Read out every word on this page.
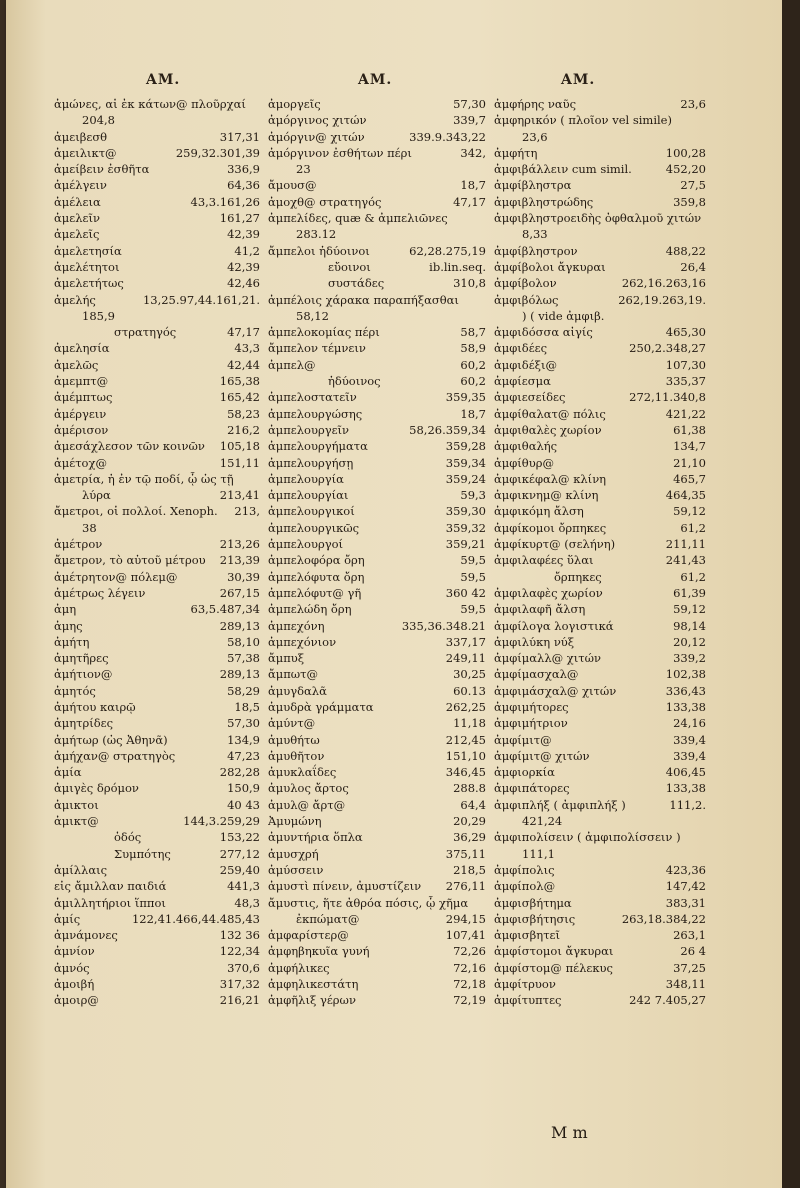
AM.	AM.	AM.
ἀμώνες, αἱ ἐκ κάτων@ πλοῦρχαί
204,8
ἀμειβεσθ	317,31
ἀμειλικτ@	259,32.301,39
ἀμείβειν ἐσθῆτα	336,9
ἀμέλγειν	64,36
ἀμέλεια	43,3.161,26
ἀμελεῖν	161,27
ἀμελεῖς	42,39
ἀμελετησία	41,2
ἀμελέτητοι	42,39
ἀμελετήτως	42,46
ἀμελής	13,25.97,44.161,21.
185,9
στρατηγός	47,17
ἀμελησία	43,3
ἀμελῶς	42,44
ἀμεμπτ@	165,38
ἀμέμπτως	165,42
ἀμέργειν	58,23
ἀμέρισον	216,2
ἀμεσάχλεσον τῶν κοινῶν	105,18
ἀμέτοχ@	151,11
ἀμετρία, ἡ ἐν τῷ ποδί, ᾧ ὡς τῇ
λύρα	213,41
ἄμετροι, οἱ πολλοί. Xenoph.	213,
38
ἀμέτρον	213,26
ἄμετρον, τὸ αὑτοῦ μέτρου	213,39
ἀμέτρητον@ πόλεμ@	30,39
ἀμέτρως λέγειν	267,15
ἀμη	63,5.487,34
ἀμης	289,13
ἀμήτη	58,10
ἀμητῆρες	57,38
ἀμήτιον@	289,13
ἀμητός	58,29
ἀμήτου καιρῷ	18,5
ἀμητρίδες	57,30
ἀμήτωρ (ὡς Ἀθηνᾶ)	134,9
ἀμήχαν@ στρατηγὸς	47,23
ἀμία	282,28
ἀμιγὲς δρόμον	150,9
ἀμικτοι	40 43
ἀμικτ@	144,3.259,29
ὁδός	153,22
Συμπότης	277,12
ἀμίλλαις	259,40
εἰς ἄμιλλαν παιδιά	441,3
ἁμιλλητήριοι ἵπποι	48,3
ἀμίς	122,41.466,44.485,43
ἀμνάμονες	132 36
ἀμνίον	122,34
ἀμνός	370,6
ἀμοιβή	317,32
ἀμοιρ@	216,21
ἀμοργεῖς	57,30
ἀμόργινος χιτών	339,7
ἀμόργιν@ χιτών	339.9.343,22
ἀμόργινον ἐσθήτων πέρι	342,
23
ἄμουσ@	18,7
ἀμοχθ@ στρατηγός	47,17
ἀμπελίδες, quæ & ἀμπελιῶνες
283.12
ἄμπελοι ἡδύοινοι	62,28.275,19
εὔοινοι	ib.lin.seq.
συστάδες	310,8
ἀμπέλοις χάρακα παραπήξασθαι
58,12
ἀμπελοκομίας πέρι	58,7
ἄμπελον τέμνειν	58,9
ἀμπελ@	60,2
ἡδύοινος	60,2
ἀμπελοστατεῖν	359,35
ἀμπελουργώσης	18,7
ἀμπελουργεῖν	58,26.359,34
ἀμπελουργήματα	359,28
ἀμπελουργήσῃ	359,34
ἀμπελουργία	359,24
ἀμπελουργίαι	59,3
ἀμπελουργικοί	359,30
ἀμπελουργικῶς	359,32
ἀμπελουργοί	359,21
ἀμπελοφόρα ὄρη	59,5
ἀμπελόφυτα ὄρη	59,5
ἀμπελόφυτ@ γῆ	360 42
ἀμπελώδη ὄρη	59,5
ἀμπεχόνη	335,36.348.21
ἀμπεχόνιον	337,17
ἄμπυξ	249,11
ἄμπωτ@	30,25
ἀμυγδαλᾶ	60.13
ἀμυδρὰ γράμματα	262,25
ἀμύντ@	11,18
ἀμυθήτω	212,45
ἀμυθῆτον	151,10
ἀμυκλαΐδες	346,45
ἀμυλος ἄρτος	288.8
ἀμυλ@ ἄρτ@	64,4
Ἀμυμώνη	20,29
ἀμυντήρια ὅπλα	36,29
ἀμυσχρή	375,11
ἀμύσσειν	218,5
ἀμυστὶ πίνειν, ἀμυστίζειν	276,11
ἄμυστις, ἥτε ἀθρόα πόσις, ᾧ χῆμα
ἐκπώματ@	294,15
ἀμφαρίστερ@	107,41
ἀμφηβηκυῖα γυνή	72,26
ἀμφήλικες	72,16
ἀμφηλικεστάτη	72,18
ἀμφῆλιξ γέρων	72,19
ἀμφήρης ναῦς	23,6
ἀμφηρικόν ( πλοῖον vel simile)
23,6
ἀμφήτη	100,28
ἀμφιβάλλειν cum simil.	452,20
ἀμφίβληστρα	27,5
ἀμφιβληστρώδης	359,8
ἀμφιβληστροειδὴς ὀφθαλμοῦ χιτών
8,33
ἀμφίβληστρον	488,22
ἀμφίβολοι ἄγκυραι	26,4
ἀμφίβολον	262,16.263,16
ἀμφιβόλως	262,19.263,19.
) ( vide ἀμφιβ.
ἀμφιδόσσα αἰγίς	465,30
ἀμφιδέες	250,2.348,27
ἀμφιδέξι@	107,30
ἀμφίεσμα	335,37
ἀμφιεσείδες	272,11.340,8
ἀμφίθαλατ@ πόλις	421,22
ἀμφιθαλὲς χωρίον	61,38
ἀμφιθαλής	134,7
ἀμφίθυρ@	21,10
ἀμφικέφαλ@ κλίνη	465,7
ἀμφικνημ@ κλίνη	464,35
ἀμφικόμη ἄλση	59,12
ἀμφίκομοι ὄρπηκες	61,2
ἀμφίκυρτ@ (σελήνη)	211,11
ἀμφιλαφέες ὕλαι	241,43
ὄρπηκες	61,2
ἀμφιλαφὲς χωρίον	61,39
ἀμφιλαφῆ ἄλση	59,12
ἀμφίλογα λογιστικά	98,14
ἀμφιλύκη νύξ	20,12
ἀμφίμαλλ@ χιτών	339,2
ἀμφίμασχαλ@	102,38
ἀμφιμάσχαλ@ χιτών	336,43
ἀμφιμήτορες	133,38
ἀμφιμήτριον	24,16
ἀμφίμιτ@	339,4
ἀμφίμιτ@ χιτών	339,4
ἀμφιορκία	406,45
ἀμφιπάτορες	133,38
ἀμφιπλήξ ( ἀμφιπλήξ )	111,2.
421,24
ἀμφιπολίσειν ( ἀμφιπολίσσειν )
111,1
ἀμφίπολις	423,36
ἀμφίπολ@	147,42
ἀμφισβήτημα	383,31
ἀμφισβήτησις	263,18.384,22
ἀμφισβητεῖ	263,1
ἀμφίστομοι ἄγκυραι	26 4
ἀμφίστομ@ πέλεκυς	37,25
ἀμφίτρυον	348,11
ἀμφίτυπτες	242 7.405,27
M m
